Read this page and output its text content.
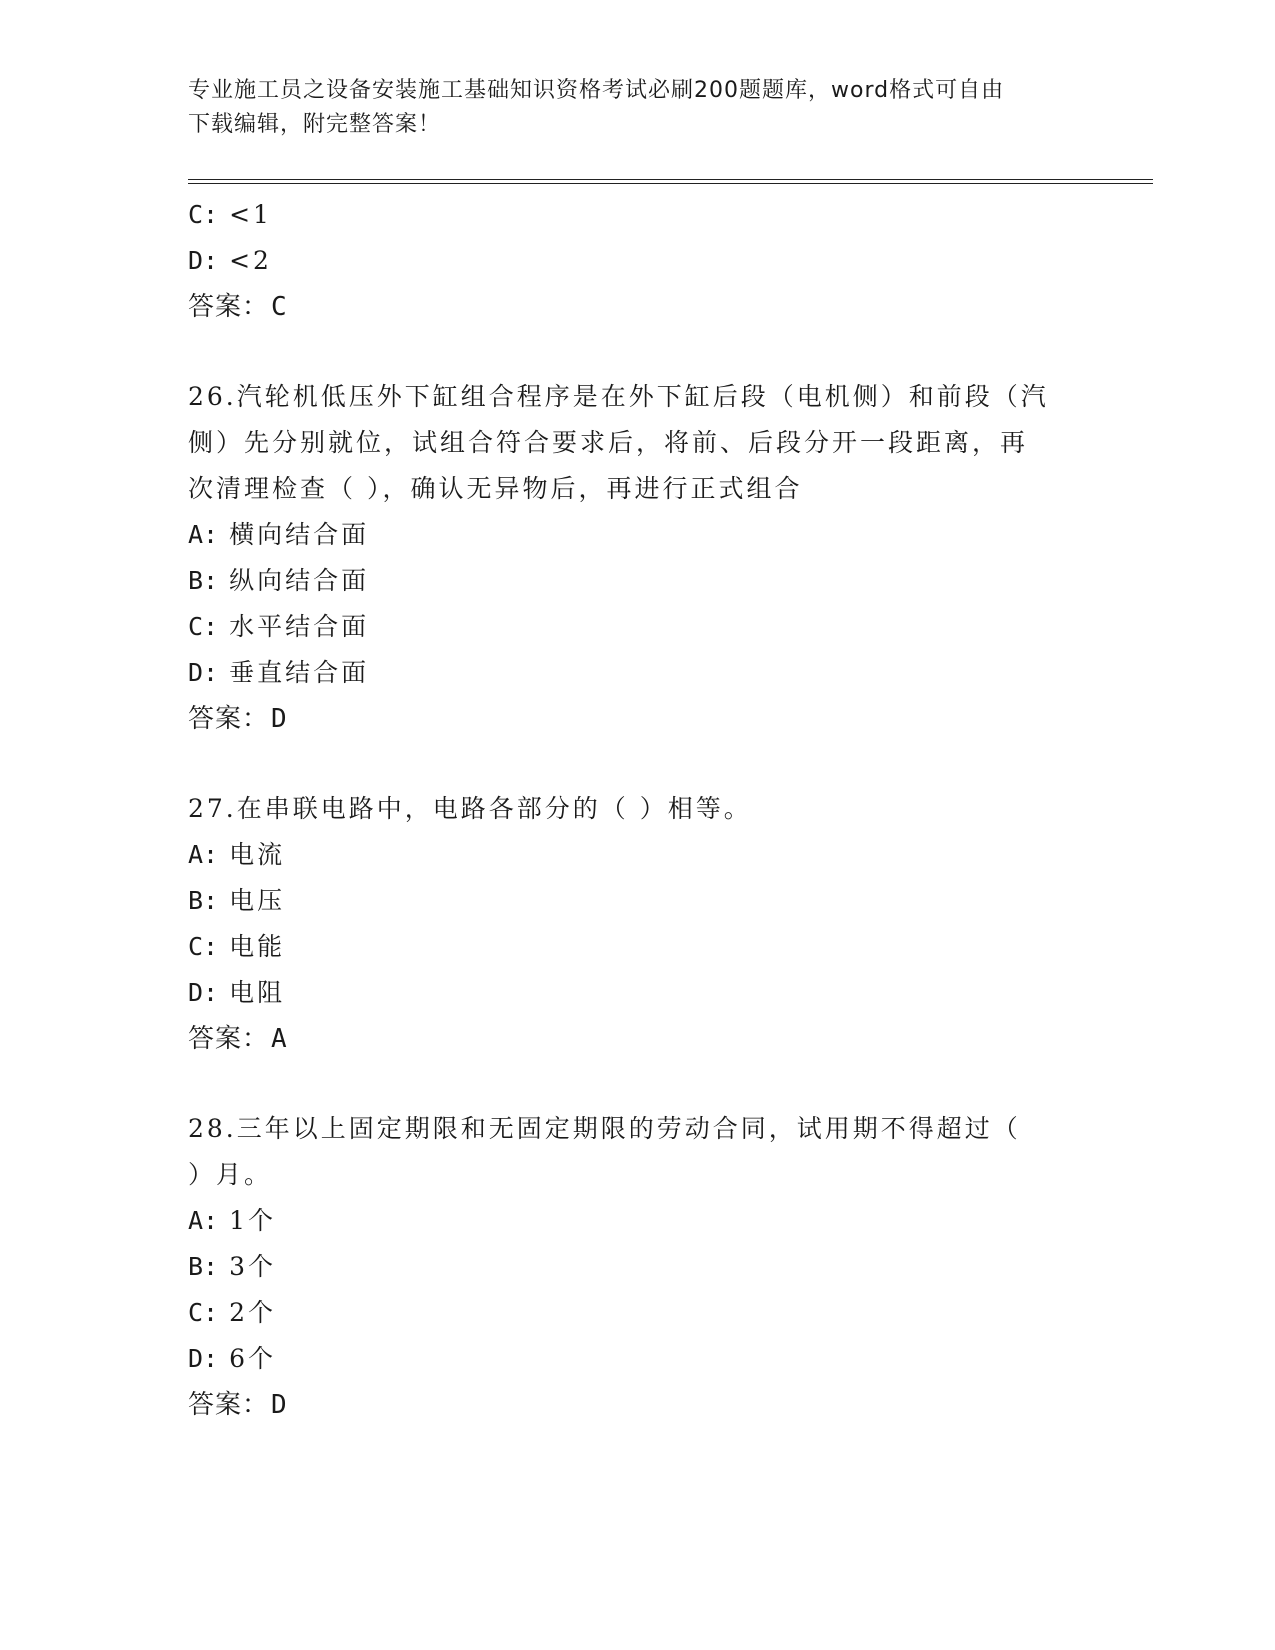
专业施工员之设备安装施工基础知识资格考试必刷200题题库，word格式可自由
下载编辑，附完整答案！
C: <1
D: <2
答案：C
26.汽轮机低压外下缸组合程序是在外下缸后段（电机侧）和前段（汽
侧）先分别就位，试组合符合要求后，将前、后段分开一段距离，再
次清理检查（ ），确认无异物后，再进行正式组合
A: 横向结合面
B: 纵向结合面
C: 水平结合面
D: 垂直结合面
答案：D
27.在串联电路中，电路各部分的（ ）相等。
A: 电流
B: 电压
C: 电能
D: 电阻
答案：A
28.三年以上固定期限和无固定期限的劳动合同，试用期不得超过（
）月。
A: 1个
B: 3个
C: 2个
D: 6个
答案：D
